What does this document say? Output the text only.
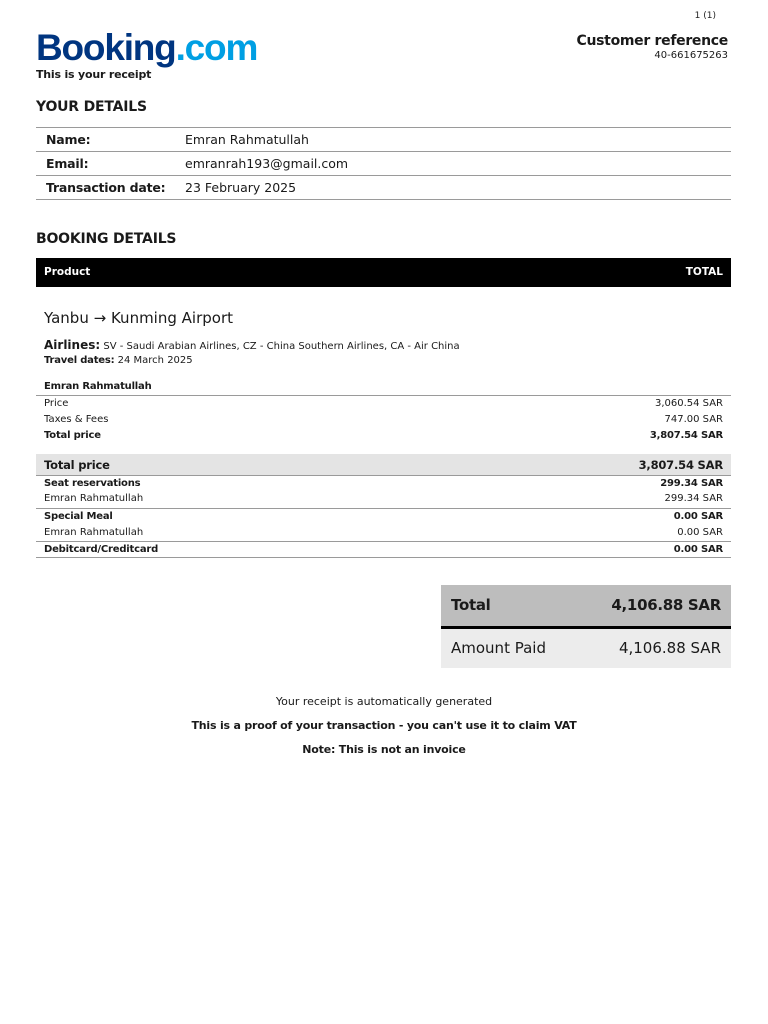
1 (1)
Booking.com
This is your receipt
Customer reference
40-661675263
YOUR DETAILS
Name:	Emran Rahmatullah
Email:	emranrah193@gmail.com
Transaction date:	23 February 2025
BOOKING DETAILS
Product	TOTAL
Yanbu → Kunming Airport
Airlines: SV - Saudi Arabian Airlines, CZ - China Southern Airlines, CA - Air China
Travel dates: 24 March 2025
Emran Rahmatullah
Price	3,060.54 SAR
Taxes & Fees	747.00 SAR
Total price	3,807.54 SAR
Total price	3,807.54 SAR
Seat reservations	299.34 SAR
Emran Rahmatullah	299.34 SAR
Special Meal	0.00 SAR
Emran Rahmatullah	0.00 SAR
Debitcard/Creditcard	0.00 SAR
Total	4,106.88 SAR
Amount Paid	4,106.88 SAR
Your receipt is automatically generated
This is a proof of your transaction - you can't use it to claim VAT
Note: This is not an invoice
